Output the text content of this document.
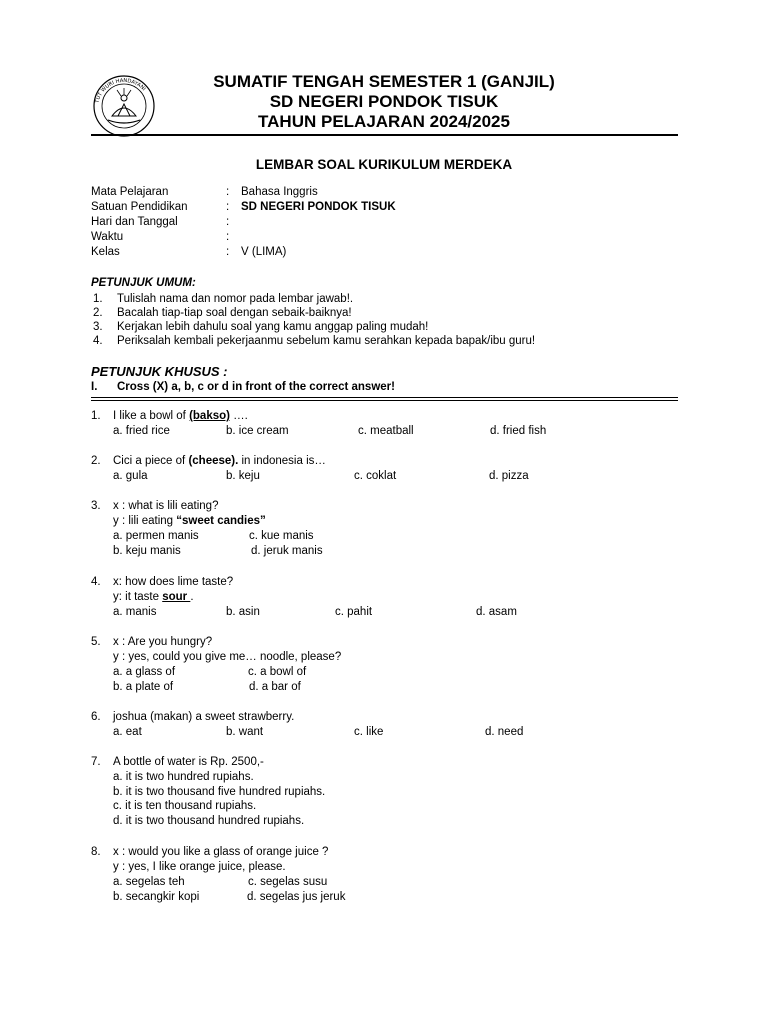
TUT WURI HANDAYANI	SUMATIF TENGAH SEMESTER 1 (GANJIL)
SD NEGERI PONDOK TISUK
TAHUN PELAJARAN 2024/2025
LEMBAR SOAL KURIKULUM MERDEKA
Mata Pelajaran	: Bahasa Inggris
Satuan Pendidikan	: SD NEGERI PONDOK TISUK
Hari dan Tanggal	:
Waktu	:
Kelas	: V (LIMA)
PETUNJUK UMUM:
1. Tulislah nama dan nomor pada lembar jawab!.
2. Bacalah tiap-tiap soal dengan sebaik-baiknya!
3. Kerjakan lebih dahulu soal yang kamu anggap paling mudah!
4. Periksalah kembali pekerjaanmu sebelum kamu serahkan kepada bapak/ibu guru!
PETUNJUK KHUSUS :
I. Cross (X) a, b, c or d in front of the correct answer!
1. I like a bowl of (bakso) ….
a. fried rice	b. ice cream	c. meatball	d. fried fish
2. Cici a piece of (cheese). in indonesia is…
a. gula	b. keju	c. coklat	d. pizza
3. x : what is lili eating?
y : lili eating “sweet candies”
a. permen manis	c. kue manis
b. keju manis	d. jeruk manis
4. x: how does lime taste?
y: it taste sour .
a. manis	b. asin	c. pahit	d. asam
5. x : Are you hungry?
y : yes, could you give me… noodle, please?
a. a glass of	c. a bowl of
b. a plate of	d. a bar of
6. joshua (makan) a sweet strawberry.
a. eat	b. want	c. like	d. need
7. A bottle of water is Rp. 2500,-
a. it is two hundred rupiahs.
b. it is two thousand five hundred rupiahs.
c. it is ten thousand rupiahs.
d. it is two thousand hundred rupiahs.
8. x : would you like a glass of orange juice ?
y : yes, I like orange juice, please.
a. segelas teh	c. segelas susu
b. secangkir kopi	d. segelas jus jeruk
